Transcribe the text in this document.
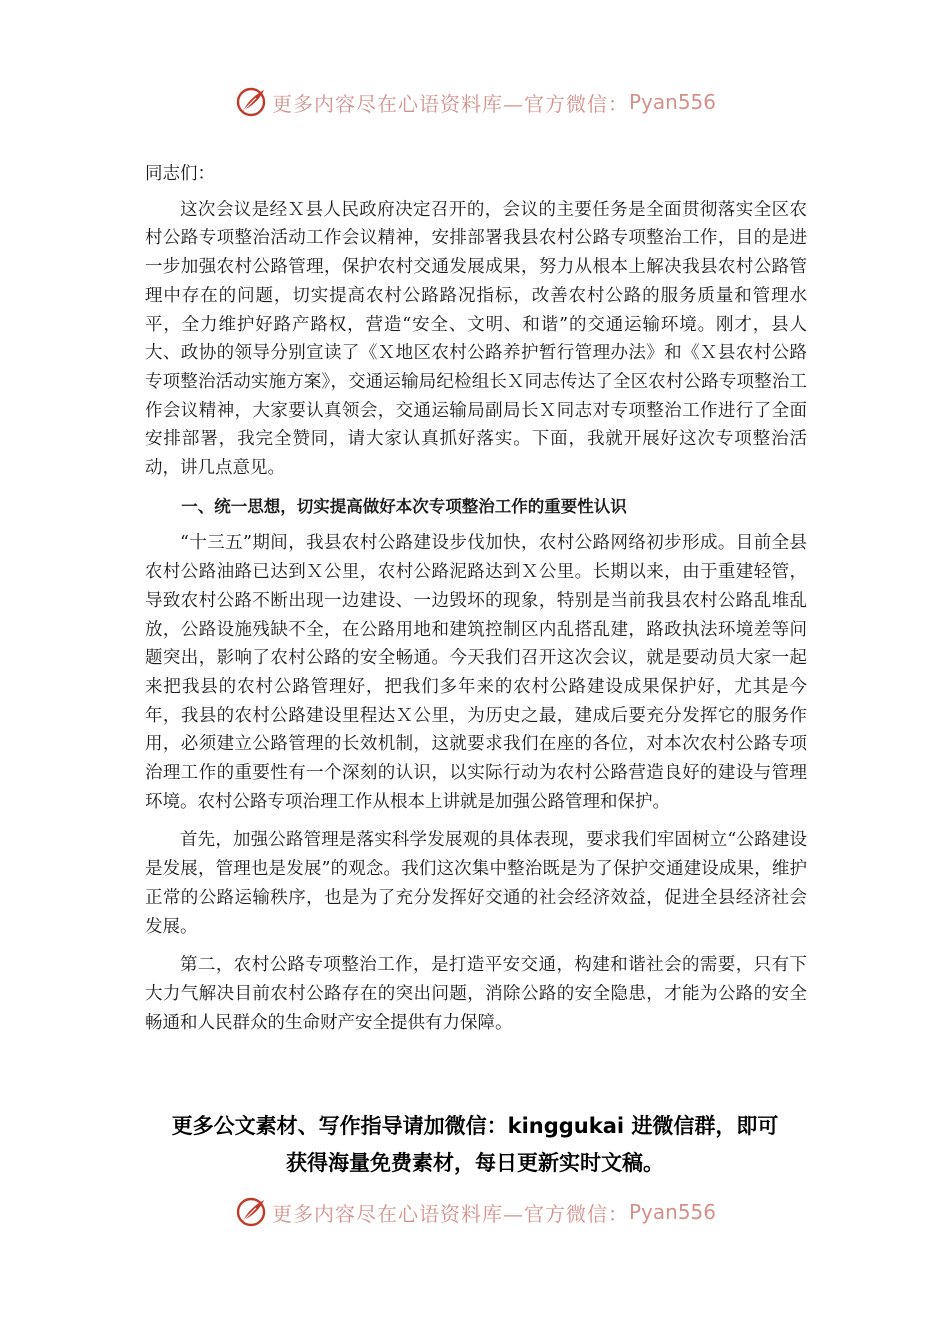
更多内容尽在心语资料库—官方微信： Pyan556

同志们：

这次会议是经Ｘ县人民政府决定召开的，会议的主要任务是全面贯彻落实全区农村公路专项整治活动工作会议精神，安排部署我县农村公路专项整治工作，目的是进一步加强农村公路管理，保护农村交通发展成果，努力从根本上解决我县农村公路管理中存在的问题，切实提高农村公路路况指标，改善农村公路的服务质量和管理水平，全力维护好路产路权，营造“安全、文明、和谐”的交通运输环境。刚才，县人大、政协的领导分别宣读了《Ｘ地区农村公路养护暂行管理办法》和《Ｘ县农村公路专项整治活动实施方案》，交通运输局纪检组长Ｘ同志传达了全区农村公路专项整治工作会议精神，大家要认真领会，交通运输局副局长Ｘ同志对专项整治工作进行了全面安排部署，我完全赞同，请大家认真抓好落实。下面，我就开展好这次专项整治活动，讲几点意见。

一、统一思想，切实提高做好本次专项整治工作的重要性认识

“十三五”期间，我县农村公路建设步伐加快，农村公路网络初步形成。目前全县农村公路油路已达到Ｘ公里，农村公路泥路达到Ｘ公里。长期以来，由于重建轻管，导致农村公路不断出现一边建设、一边毁坏的现象，特别是当前我县农村公路乱堆乱放，公路设施残缺不全，在公路用地和建筑控制区内乱搭乱建，路政执法环境差等问题突出，影响了农村公路的安全畅通。今天我们召开这次会议，就是要动员大家一起来把我县的农村公路管理好，把我们多年来的农村公路建设成果保护好，尤其是今年，我县的农村公路建设里程达Ｘ公里，为历史之最，建成后要充分发挥它的服务作用，必须建立公路管理的长效机制，这就要求我们在座的各位，对本次农村公路专项治理工作的重要性有一个深刻的认识，以实际行动为农村公路营造良好的建设与管理环境。农村公路专项治理工作从根本上讲就是加强公路管理和保护。

首先，加强公路管理是落实科学发展观的具体表现，要求我们牢固树立“公路建设是发展，管理也是发展”的观念。我们这次集中整治既是为了保护交通建设成果，维护正常的公路运输秩序，也是为了充分发挥好交通的社会经济效益，促进全县经济社会发展。

第二，农村公路专项整治工作，是打造平安交通，构建和谐社会的需要，只有下大力气解决目前农村公路存在的突出问题，消除公路的安全隐患，才能为公路的安全畅通和人民群众的生命财产安全提供有力保障。

更多公文素材、写作指导请加微信：kinggukai 进微信群，即可
获得海量免费素材，每日更新实时文稿。
更多内容尽在心语资料库—官方微信： Pyan556
